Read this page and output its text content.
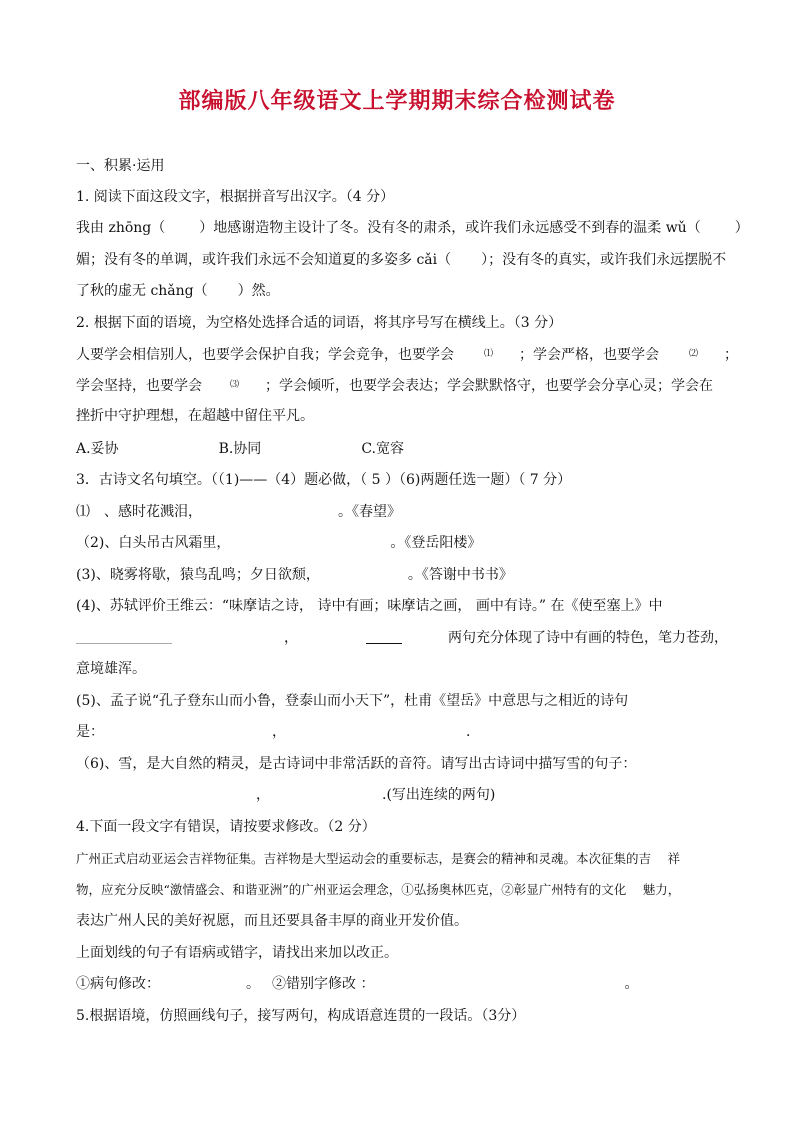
部编版八年级语文上学期期末综合检测试卷
一、积累·运用
1. 阅读下面这段文字，根据拼音写出汉字。（4 分）
我由 zhōng（ ）地感谢造物主设计了冬。没有冬的肃杀，或许我们永远感受不到春的温柔 wǔ（ ）
媚；没有冬的单调，或许我们永远不会知道夏的多姿多 cǎi（ ）；没有冬的真实，或许我们永远摆脱不
了秋的虚无 chǎng（ ）然。
2. 根据下面的语境，为空格处选择合适的词语，将其序号写在横线上。（3 分）
人要学会相信别人，也要学会保护自我；学会竞争，也要学会	⑴ ；学会严格，也要学会	⑵ ；
学会坚持，也要学会	⑶ ；学会倾听，也要学会表达；学会默默恪守，也要学会分享心灵；学会在
挫折中守护理想，在超越中留住平凡。
A.妥协	B.协同	C.宽容
3．古诗文名句填空。（（1)——（4）题必做，（ 5 ）（6)两题任选一题）（ 7 分）
⑴　、感时花溅泪，	。《春望》
（2)、白头吊古风霜里，	。《登岳阳楼》
(3)、晓雾将歇，猿鸟乱鸣；夕日欲颓，	。《答谢中书书》
(4)、苏轼评价王维云：“味摩诘之诗， 诗中有画；味摩诘之画， 画中有诗。” 在《使至塞上》中
，	两句充分体现了诗中有画的特色，笔力苍劲，
意境雄浑。
(5)、孟子说“孔子登东山而小鲁，登泰山而小天下”，杜甫《望岳》中意思与之相近的诗句
是：	，	.
（6)、雪，是大自然的精灵，是古诗词中非常活跃的音符。请写出古诗词中描写雪的句子：
，	.(写出连续的两句)
4.下面一段文字有错误，请按要求修改。（2 分）
广州正式启动亚运会吉祥物征集。吉祥物是大型运动会的重要标志，是赛会的精神和灵魂。本次征集的吉　 祥
物，应充分反映“激情盛会、和谐亚洲”的广州亚运会理念，①弘扬奥林匹克，②彰显广州特有的文化　 魅力，
表达广州人民的美好祝愿，而且还要具备丰厚的商业开发价值。
上面划线的句子有语病或错字，请找出来加以改正。
①病句修改：	。 ②错别字修改 ：	。
5.根据语境，仿照画线句子，接写两句，构成语意连贯的一段话。（3分）
